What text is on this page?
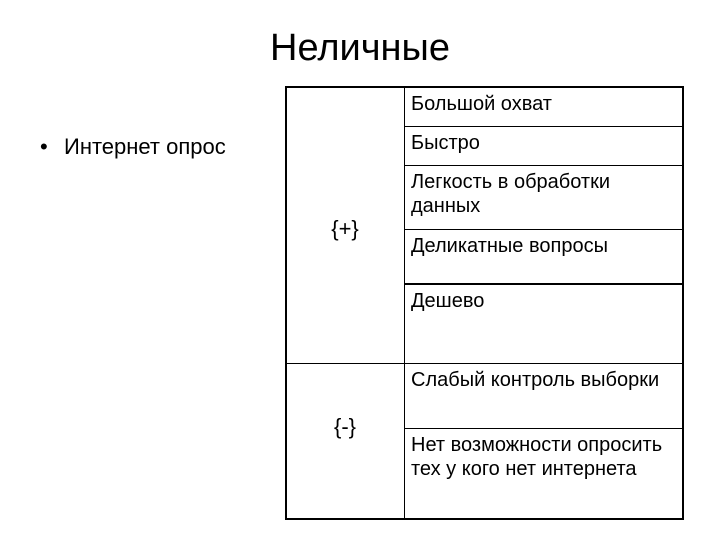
Неличные
• Интернет опрос
{+}
Большой охват
Быстро
Легкость в обработки данных
Деликатные вопросы
Дешево
{-}
Слабый контроль выборки
Нет возможности опросить тех у кого нет интернета
